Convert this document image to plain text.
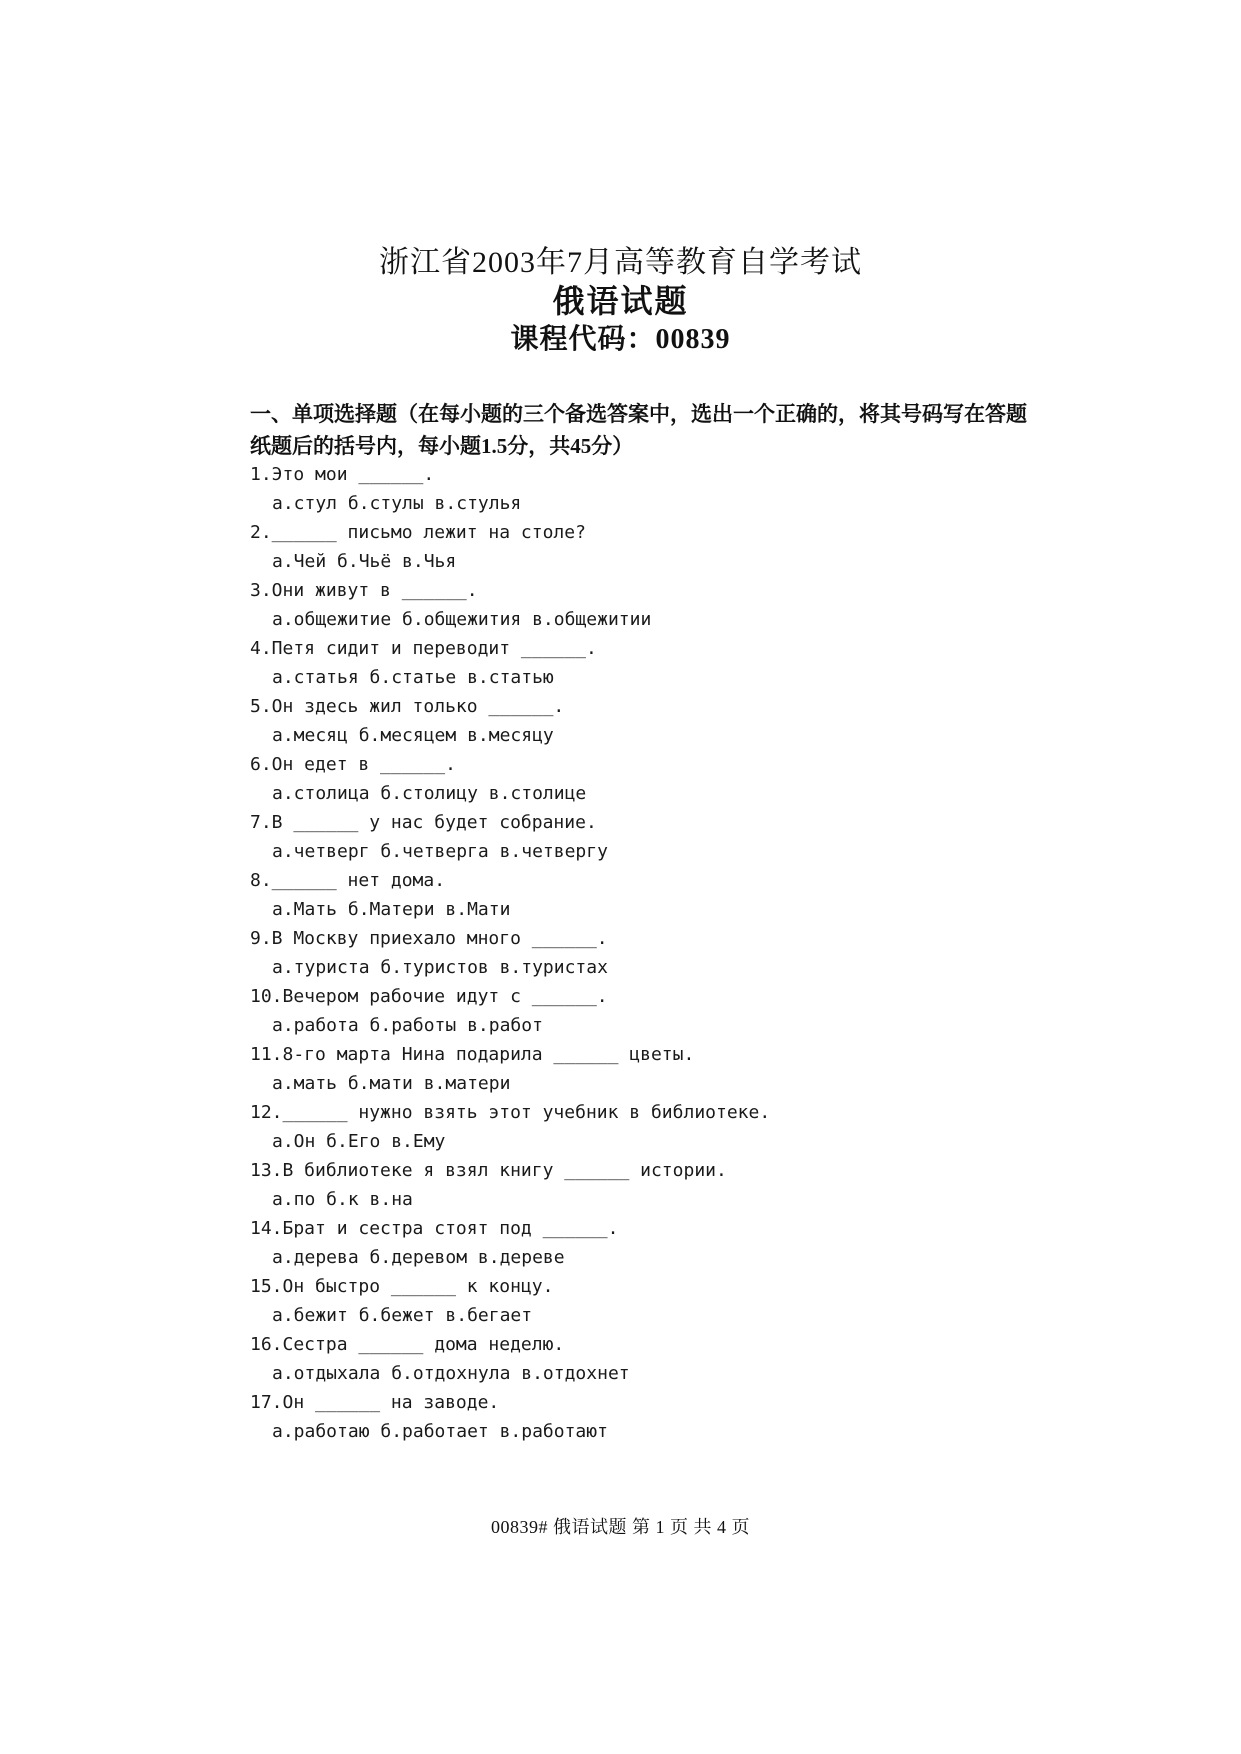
浙江省2003年7月高等教育自学考试
俄语试题
课程代码：00839
一、单项选择题（在每小题的三个备选答案中，选出一个正确的，将其号码写在答题纸题后的括号内，每小题1.5分，共45分）
1.Это мои ______.
а.стул б.стулы в.стулья
2.______ письмо лежит на столе?
а.Чей б.Чьё в.Чья
3.Они живут в ______.
а.общежитие б.общежития в.общежитии
4.Петя сидит и переводит ______.
а.статья б.статье в.статью
5.Он здесь жил только ______.
а.месяц б.месяцем в.месяцу
6.Он едет в ______.
а.столица б.столицу в.столице
7.В ______ у нас будет собрание.
а.четверг б.четверга в.четвергу
8.______ нет дома.
а.Мать б.Матери в.Мати
9.В Москву приехало много ______.
а.туриста б.туристов в.туристах
10.Вечером рабочие идут с ______.
а.работа б.работы в.работ
11.8-го марта Нина подарила ______ цветы.
а.мать б.мати в.матери
12.______ нужно взять этот учебник в библиотеке.
а.Он б.Его в.Ему
13.В библиотеке я взял книгу ______ истории.
а.по б.к в.на
14.Брат и сестра стоят под ______.
а.дерева б.деревом в.дереве
15.Он быстро ______ к концу.
а.бежит б.бежет в.бегает
16.Сестра ______ дома неделю.
а.отдыхала б.отдохнула в.отдохнет
17.Он ______ на заводе.
а.работаю б.работает в.работают
00839# 俄语试题 第 1 页 共 4 页
